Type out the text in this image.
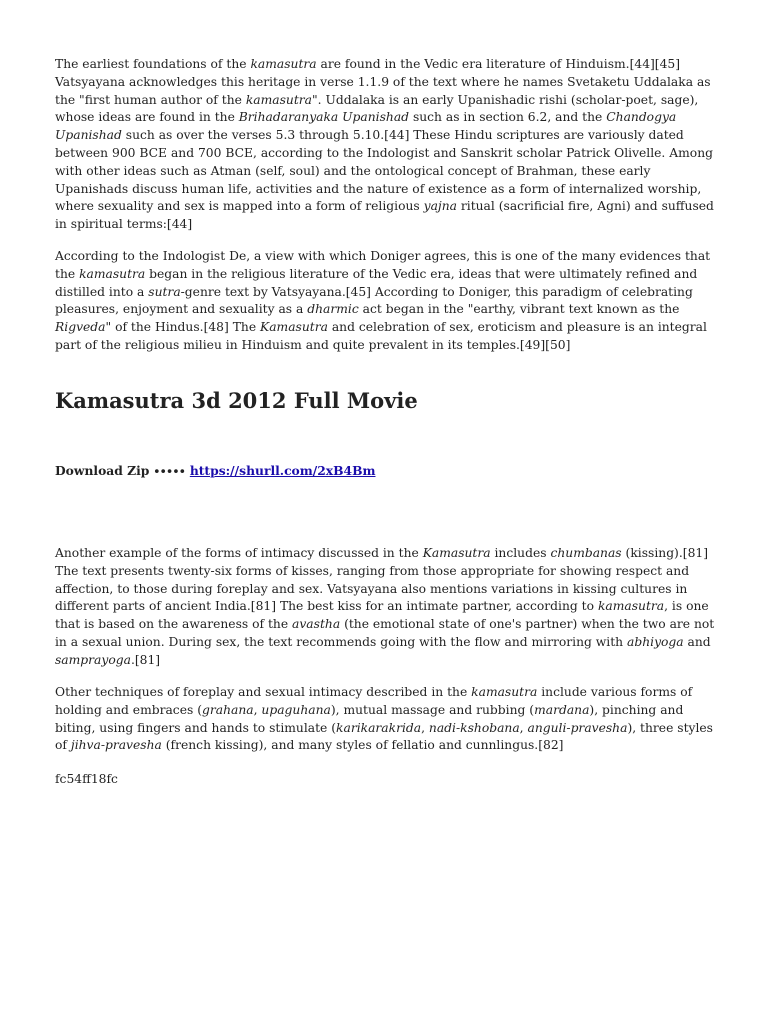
The earliest foundations of the kamasutra are found in the Vedic era literature of Hinduism.[44][45] Vatsyayana acknowledges this heritage in verse 1.1.9 of the text where he names Svetaketu Uddalaka as the "first human author of the kamasutra". Uddalaka is an early Upanishadic rishi (scholar-poet, sage), whose ideas are found in the Brihadaranyaka Upanishad such as in section 6.2, and the Chandogya Upanishad such as over the verses 5.3 through 5.10.[44] These Hindu scriptures are variously dated between 900 BCE and 700 BCE, according to the Indologist and Sanskrit scholar Patrick Olivelle. Among with other ideas such as Atman (self, soul) and the ontological concept of Brahman, these early Upanishads discuss human life, activities and the nature of existence as a form of internalized worship, where sexuality and sex is mapped into a form of religious yajna ritual (sacrificial fire, Agni) and suffused in spiritual terms:[44]

According to the Indologist De, a view with which Doniger agrees, this is one of the many evidences that the kamasutra began in the religious literature of the Vedic era, ideas that were ultimately refined and distilled into a sutra-genre text by Vatsyayana.[45] According to Doniger, this paradigm of celebrating pleasures, enjoyment and sexuality as a dharmic act began in the "earthy, vibrant text known as the Rigveda" of the Hindus.[48] The Kamasutra and celebration of sex, eroticism and pleasure is an integral part of the religious milieu in Hinduism and quite prevalent in its temples.[49][50]

Kamasutra 3d 2012 Full Movie
Download Zip ∙∙∙∙∙ https://shurll.com/2xB4Bm

Another example of the forms of intimacy discussed in the Kamasutra includes chumbanas (kissing).[81] The text presents twenty-six forms of kisses, ranging from those appropriate for showing respect and affection, to those during foreplay and sex. Vatsyayana also mentions variations in kissing cultures in different parts of ancient India.[81] The best kiss for an intimate partner, according to kamasutra, is one that is based on the awareness of the avastha (the emotional state of one's partner) when the two are not in a sexual union. During sex, the text recommends going with the flow and mirroring with abhiyoga and samprayoga.[81]

Other techniques of foreplay and sexual intimacy described in the kamasutra include various forms of holding and embraces (grahana, upaguhana), mutual massage and rubbing (mardana), pinching and biting, using fingers and hands to stimulate (karikarakrida, nadi-kshobana, anguli-pravesha), three styles of jihva-pravesha (french kissing), and many styles of fellatio and cunnlingus.[82]

fc54ff18fc
